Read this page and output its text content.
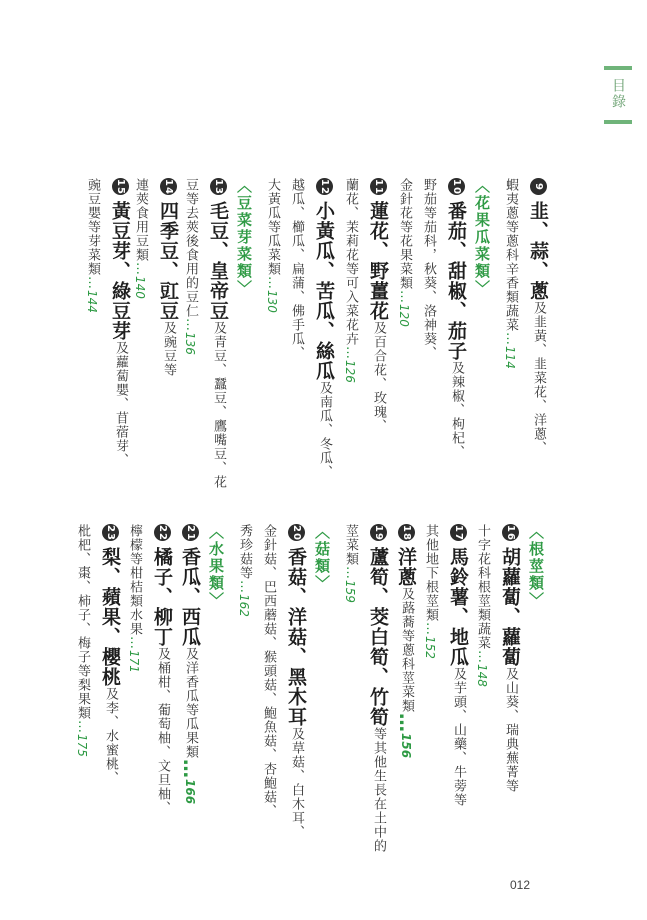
目錄
9韭、蒜、蔥及韭黃、韭菜花、洋蔥、
蝦夷蔥等蔥科辛香類蔬菜…114
〈花果瓜菜類〉
10番茄、甜椒、茄子及辣椒、枸杞、
野茄等茄科，秋葵、洛神葵、
金針花等花果菜類…120
11蓮花、野薑花及百合花、玫瑰、
蘭花、茉莉花等可入菜花卉…126
12小黃瓜、苦瓜、絲瓜及南瓜、冬瓜、
越瓜、櫛瓜、扁蒲、佛手瓜、
大黃瓜等瓜菜類…130
〈豆菜芽菜類〉
13毛豆、皇帝豆及青豆、蠶豆、鷹嘴豆、花
豆等去莢後食用的豆仁…136
14四季豆、豇豆及豌豆等
連莢食用豆類…140
15黃豆芽、綠豆芽及蘿蔔嬰、苜蓿芽、
豌豆嬰等芽菜類…144
〈根莖類〉
16胡蘿蔔、蘿蔔及山葵、瑞典蕪菁等
十字花科根莖類蔬菜…148
17馬鈴薯、地瓜及芋頭、山藥、牛蒡等
其他地下根莖類…152
18洋蔥及蕗蕎等蔥科莖菜類…156
19蘆筍、茭白筍、竹筍等其他生長在土中的
莖菜類…159
〈菇類〉
20香菇、洋菇、黑木耳及草菇、白木耳、
金針菇、巴西蘑菇、猴頭菇、鮑魚菇、杏鮑菇、
秀珍菇等…162
〈水果類〉
21香瓜、西瓜及洋香瓜等瓜果類…166
22橘子、柳丁及桶柑、葡萄柚、文旦柚、
檸檬等柑桔類水果…171
23梨、蘋果、櫻桃及李、水蜜桃、
枇杷、棗、柿子、梅子等梨果類…175
012
